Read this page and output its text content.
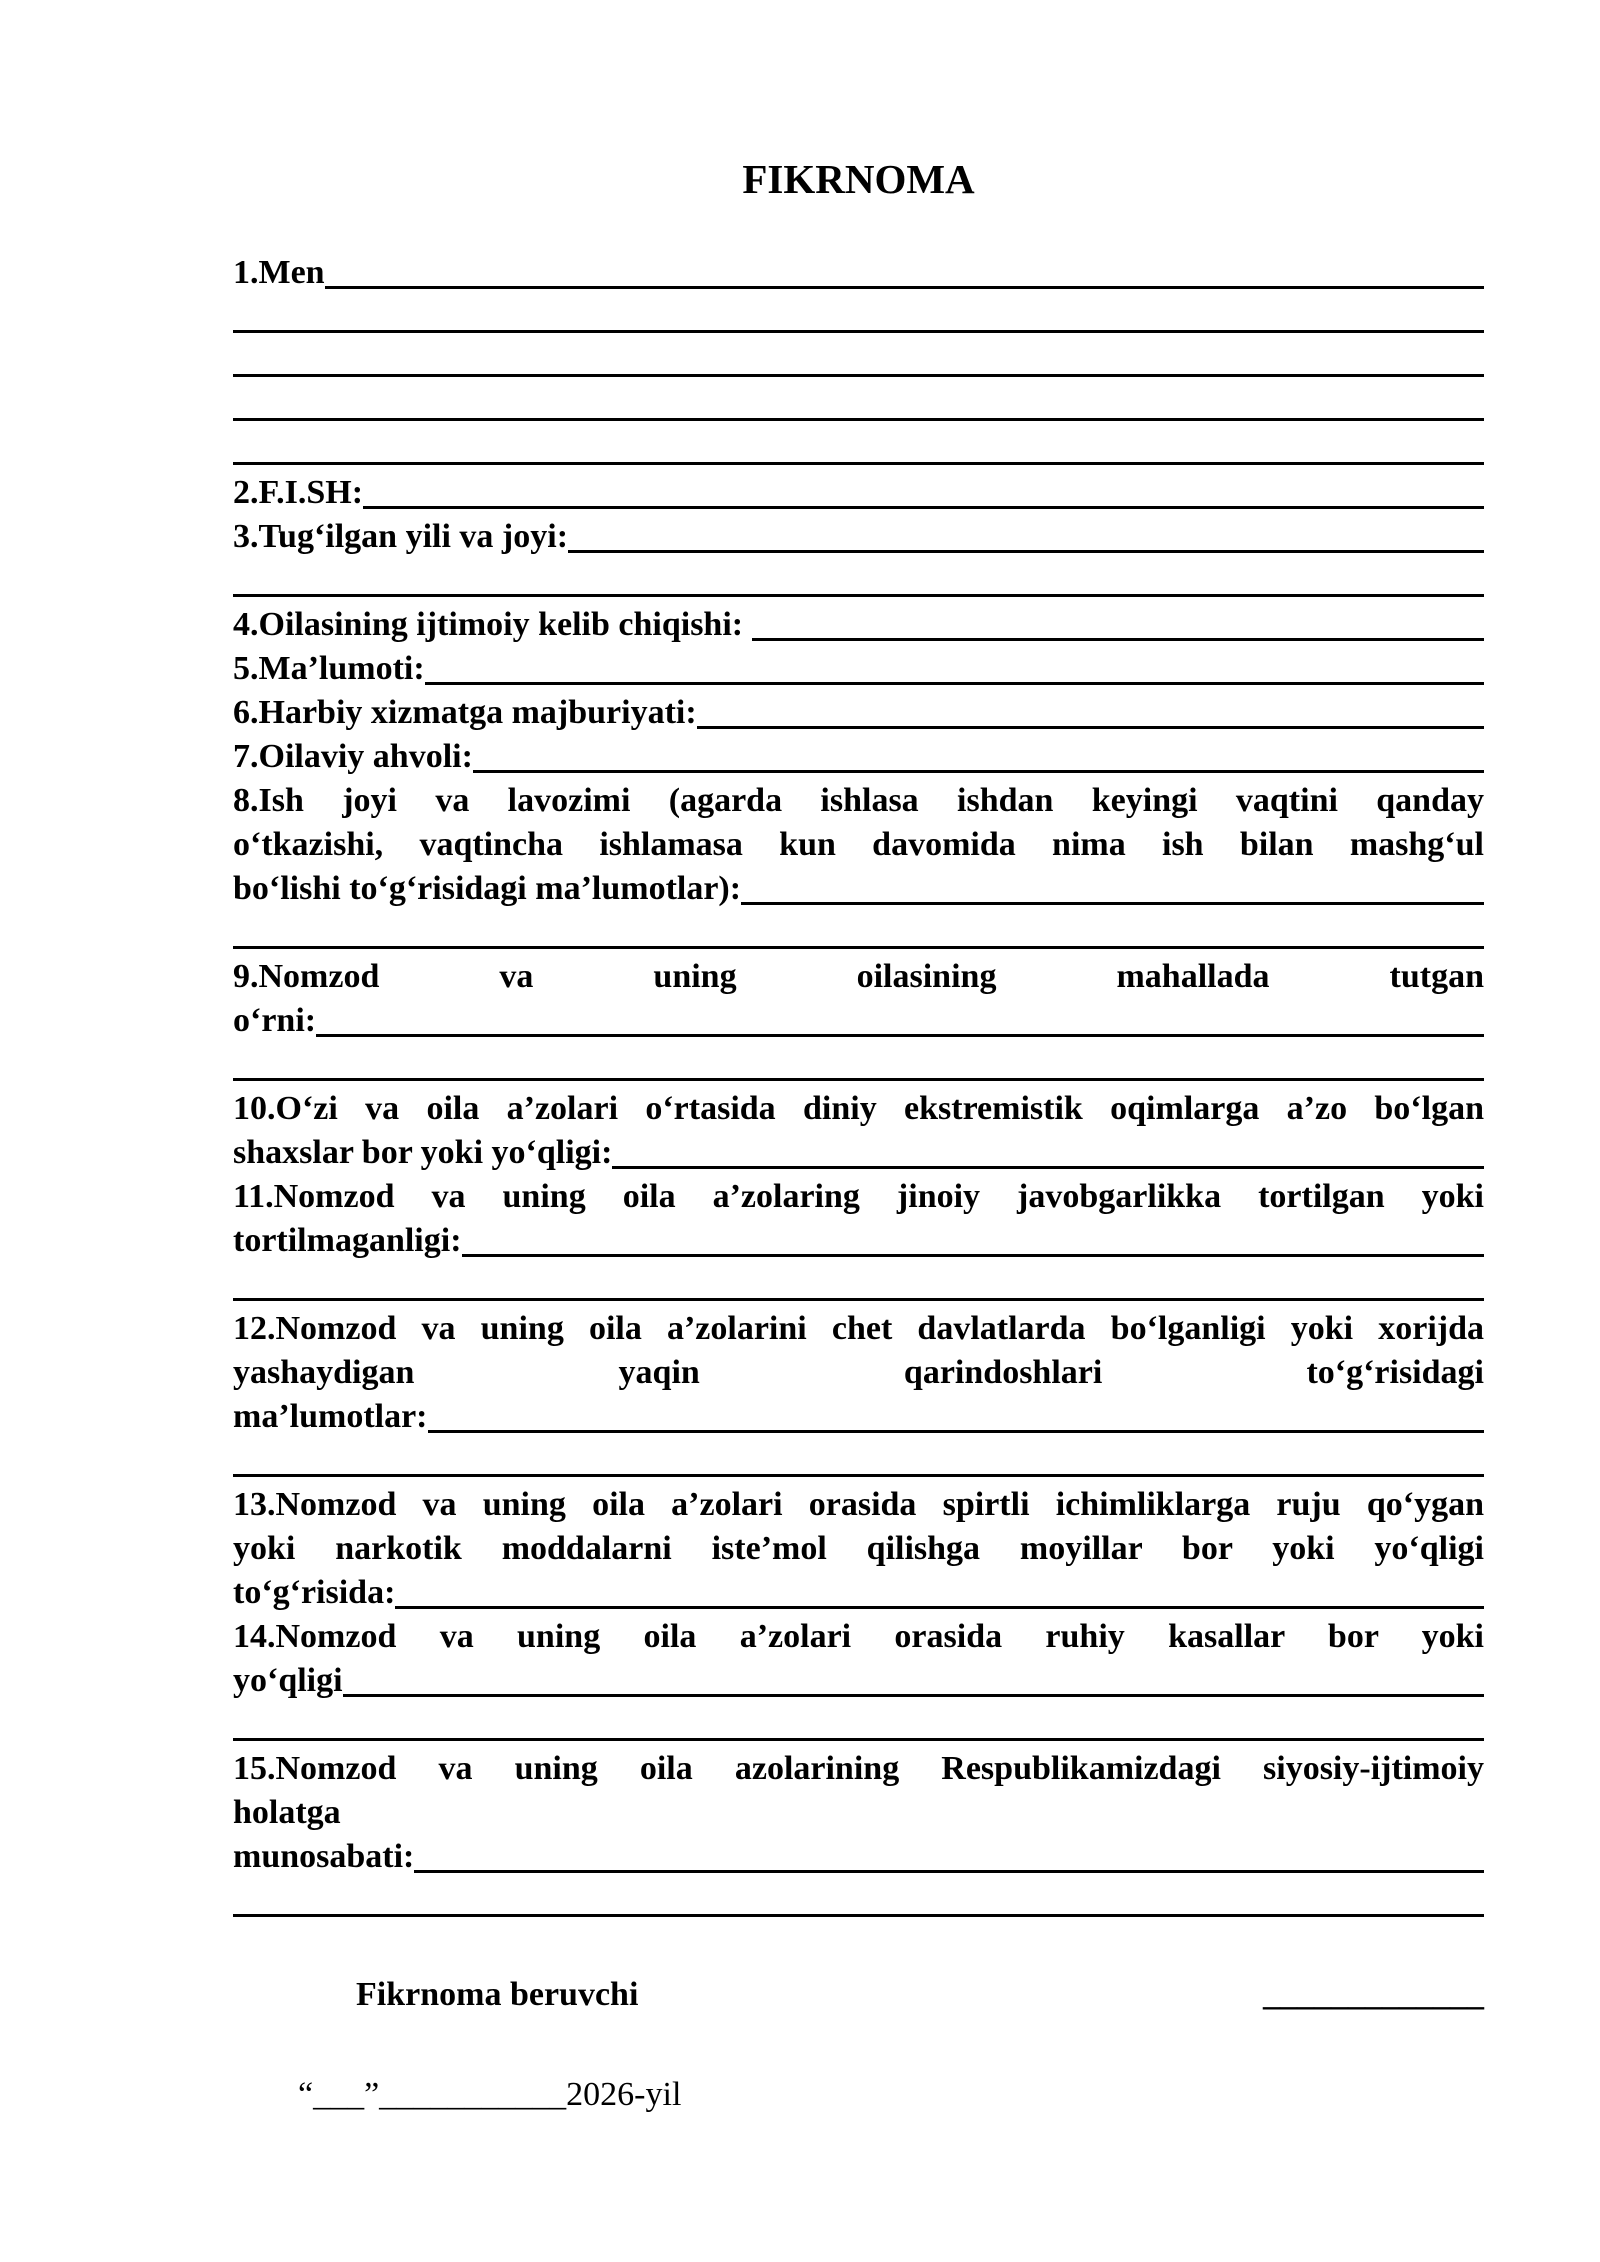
FIKRNOMA
1.Men
2.F.I.SH:
3.Tug‘ilgan yili va joyi:
4.Oilasining ijtimoiy kelib chiqishi:
5.Ma’lumoti:
6.Harbiy xizmatga majburiyati:
7.Oilaviy ahvoli:
8.Ish joyi va lavozimi (agarda ishlasa ishdan keyingi vaqtini qanday
o‘tkazishi, vaqtincha ishlamasa kun davomida nima ish bilan mashg‘ul
bo‘lishi to‘g‘risidagi ma’lumotlar):
9.Nomzod va uning oilasining mahallada tutgan
o‘rni:
10.O‘zi va oila a’zolari o‘rtasida diniy ekstremistik oqimlarga a’zo bo‘lgan
shaxslar bor yoki yo‘qligi:
11.Nomzod va uning oila a’zolaring jinoiy javobgarlikka tortilgan yoki
tortilmaganligi:
12.Nomzod va uning oila a’zolarini chet davlatlarda bo‘lganligi yoki xorijda
yashaydigan yaqin qarindoshlari to‘g‘risidagi
ma’lumotlar:
13.Nomzod va uning oila a’zolari orasida spirtli ichimliklarga ruju qo‘ygan
yoki narkotik moddalarni iste’mol qilishga moyillar bor yoki yo‘qligi
to‘g‘risida:
14.Nomzod va uning oila a’zolari orasida ruhiy kasallar bor yoki
yo‘qligi
15.Nomzod va uning oila azolarining Respublikamizdagi siyosiy-ijtimoiy
holatga
munosabati:
Fikrnoma beruvchi	_____________
“___”___________2026-yil
